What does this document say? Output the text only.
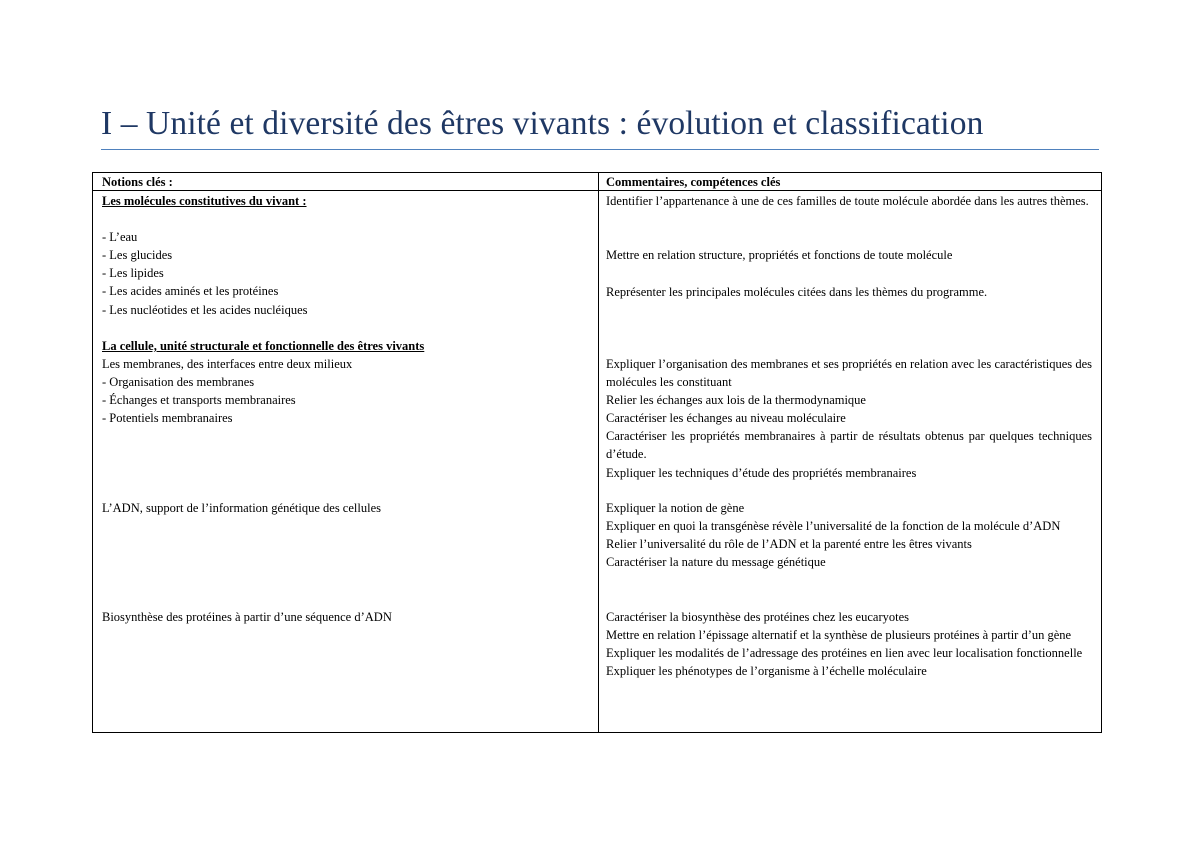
I – Unité et diversité des êtres vivants : évolution et classification
Notions clés :	Commentaires, compétences clés
Les molécules constitutives du vivant :
- L’eau
- Les glucides
- Les lipides
- Les acides aminés et les protéines
- Les nucléotides et les acides nucléiques
La cellule, unité structurale et fonctionnelle des êtres vivants
Les membranes, des interfaces entre deux milieux
- Organisation des membranes
- Échanges et transports membranaires
- Potentiels membranaires
L’ADN, support de l’information génétique des cellules
Biosynthèse des protéines à partir d’une séquence d’ADN
Identifier l’appartenance à une de ces familles de toute molécule abordée dans les autres thèmes.
Mettre en relation structure, propriétés et fonctions de toute molécule
Représenter les principales molécules citées dans les thèmes du programme.
Expliquer l’organisation des membranes et ses propriétés en relation avec les caractéristiques des molécules les constituant
Relier les échanges aux lois de la thermodynamique
Caractériser les échanges au niveau moléculaire
Caractériser les propriétés membranaires à partir de résultats obtenus par quelques techniques d’étude.
Expliquer les techniques d’étude des propriétés membranaires
Expliquer la notion de gène
Expliquer en quoi la transgénèse révèle l’universalité de la fonction de la molécule d’ADN
Relier l’universalité du rôle de l’ADN et la parenté entre les êtres vivants
Caractériser la nature du message génétique
Caractériser la biosynthèse des protéines chez les eucaryotes
Mettre en relation l’épissage alternatif et la synthèse de plusieurs protéines à partir d’un gène
Expliquer les modalités de l’adressage des protéines en lien avec leur localisation fonctionnelle
Expliquer les phénotypes de l’organisme à l’échelle moléculaire
